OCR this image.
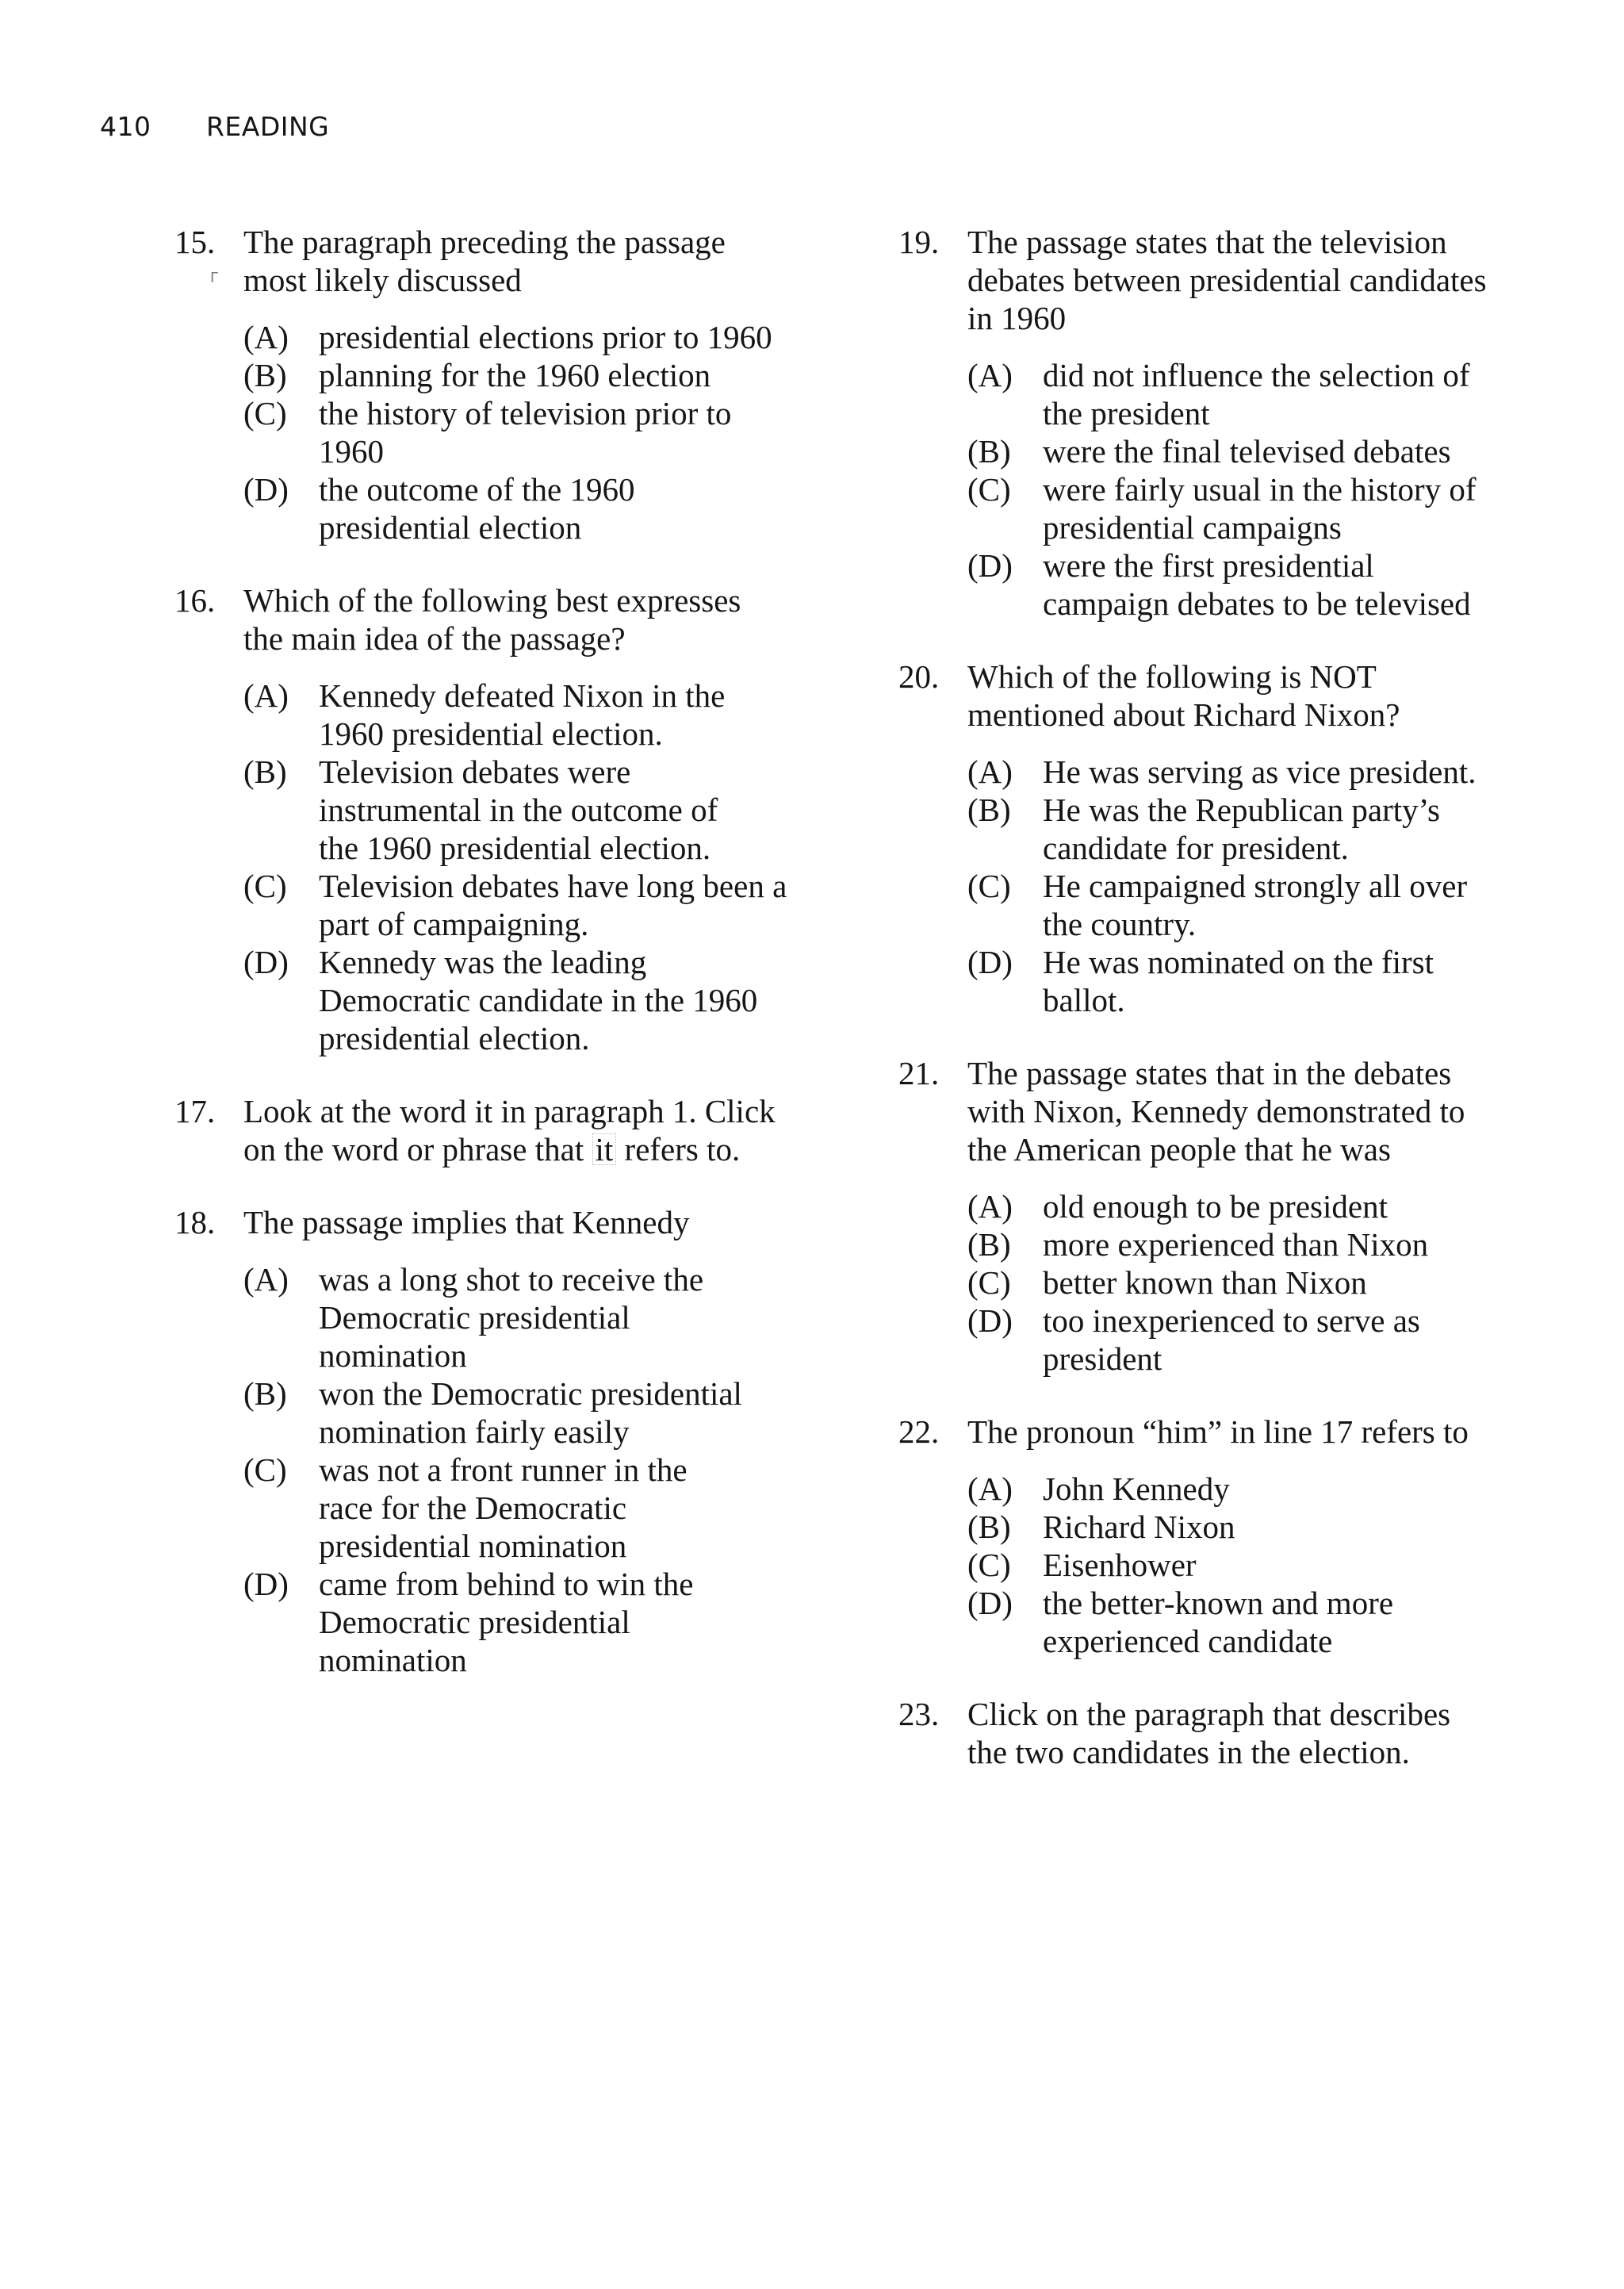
410 READING
ᒥ
15. The paragraph preceding the passage
most likely discussed
(A) presidential elections prior to 1960
(B) planning for the 1960 election
(C) the history of television prior to
1960
(D) the outcome of the 1960
presidential election
16. Which of the following best expresses
the main idea of the passage?
(A) Kennedy defeated Nixon in the
1960 presidential election.
(B) Television debates were
instrumental in the outcome of
the 1960 presidential election.
(C) Television debates have long been a
part of campaigning.
(D) Kennedy was the leading
Democratic candidate in the 1960
presidential election.
17. Look at the word it in paragraph 1. Click
on the word or phrase that it refers to.
18. The passage implies that Kennedy
(A) was a long shot to receive the
Democratic presidential
nomination
(B) won the Democratic presidential
nomination fairly easily
(C) was not a front runner in the
race for the Democratic
presidential nomination
(D) came from behind to win the
Democratic presidential
nomination
19. The passage states that the television
debates between presidential candidates
in 1960
(A) did not influence the selection of
the president
(B) were the final televised debates
(C) were fairly usual in the history of
presidential campaigns
(D) were the first presidential
campaign debates to be televised
20. Which of the following is NOT
mentioned about Richard Nixon?
(A) He was serving as vice president.
(B) He was the Republican party’s
candidate for president.
(C) He campaigned strongly all over
the country.
(D) He was nominated on the first
ballot.
21. The passage states that in the debates
with Nixon, Kennedy demonstrated to
the American people that he was
(A) old enough to be president
(B) more experienced than Nixon
(C) better known than Nixon
(D) too inexperienced to serve as
president
22. The pronoun “him” in line 17 refers to
(A) John Kennedy
(B) Richard Nixon
(C) Eisenhower
(D) the better-known and more
experienced candidate
23. Click on the paragraph that describes
the two candidates in the election.
